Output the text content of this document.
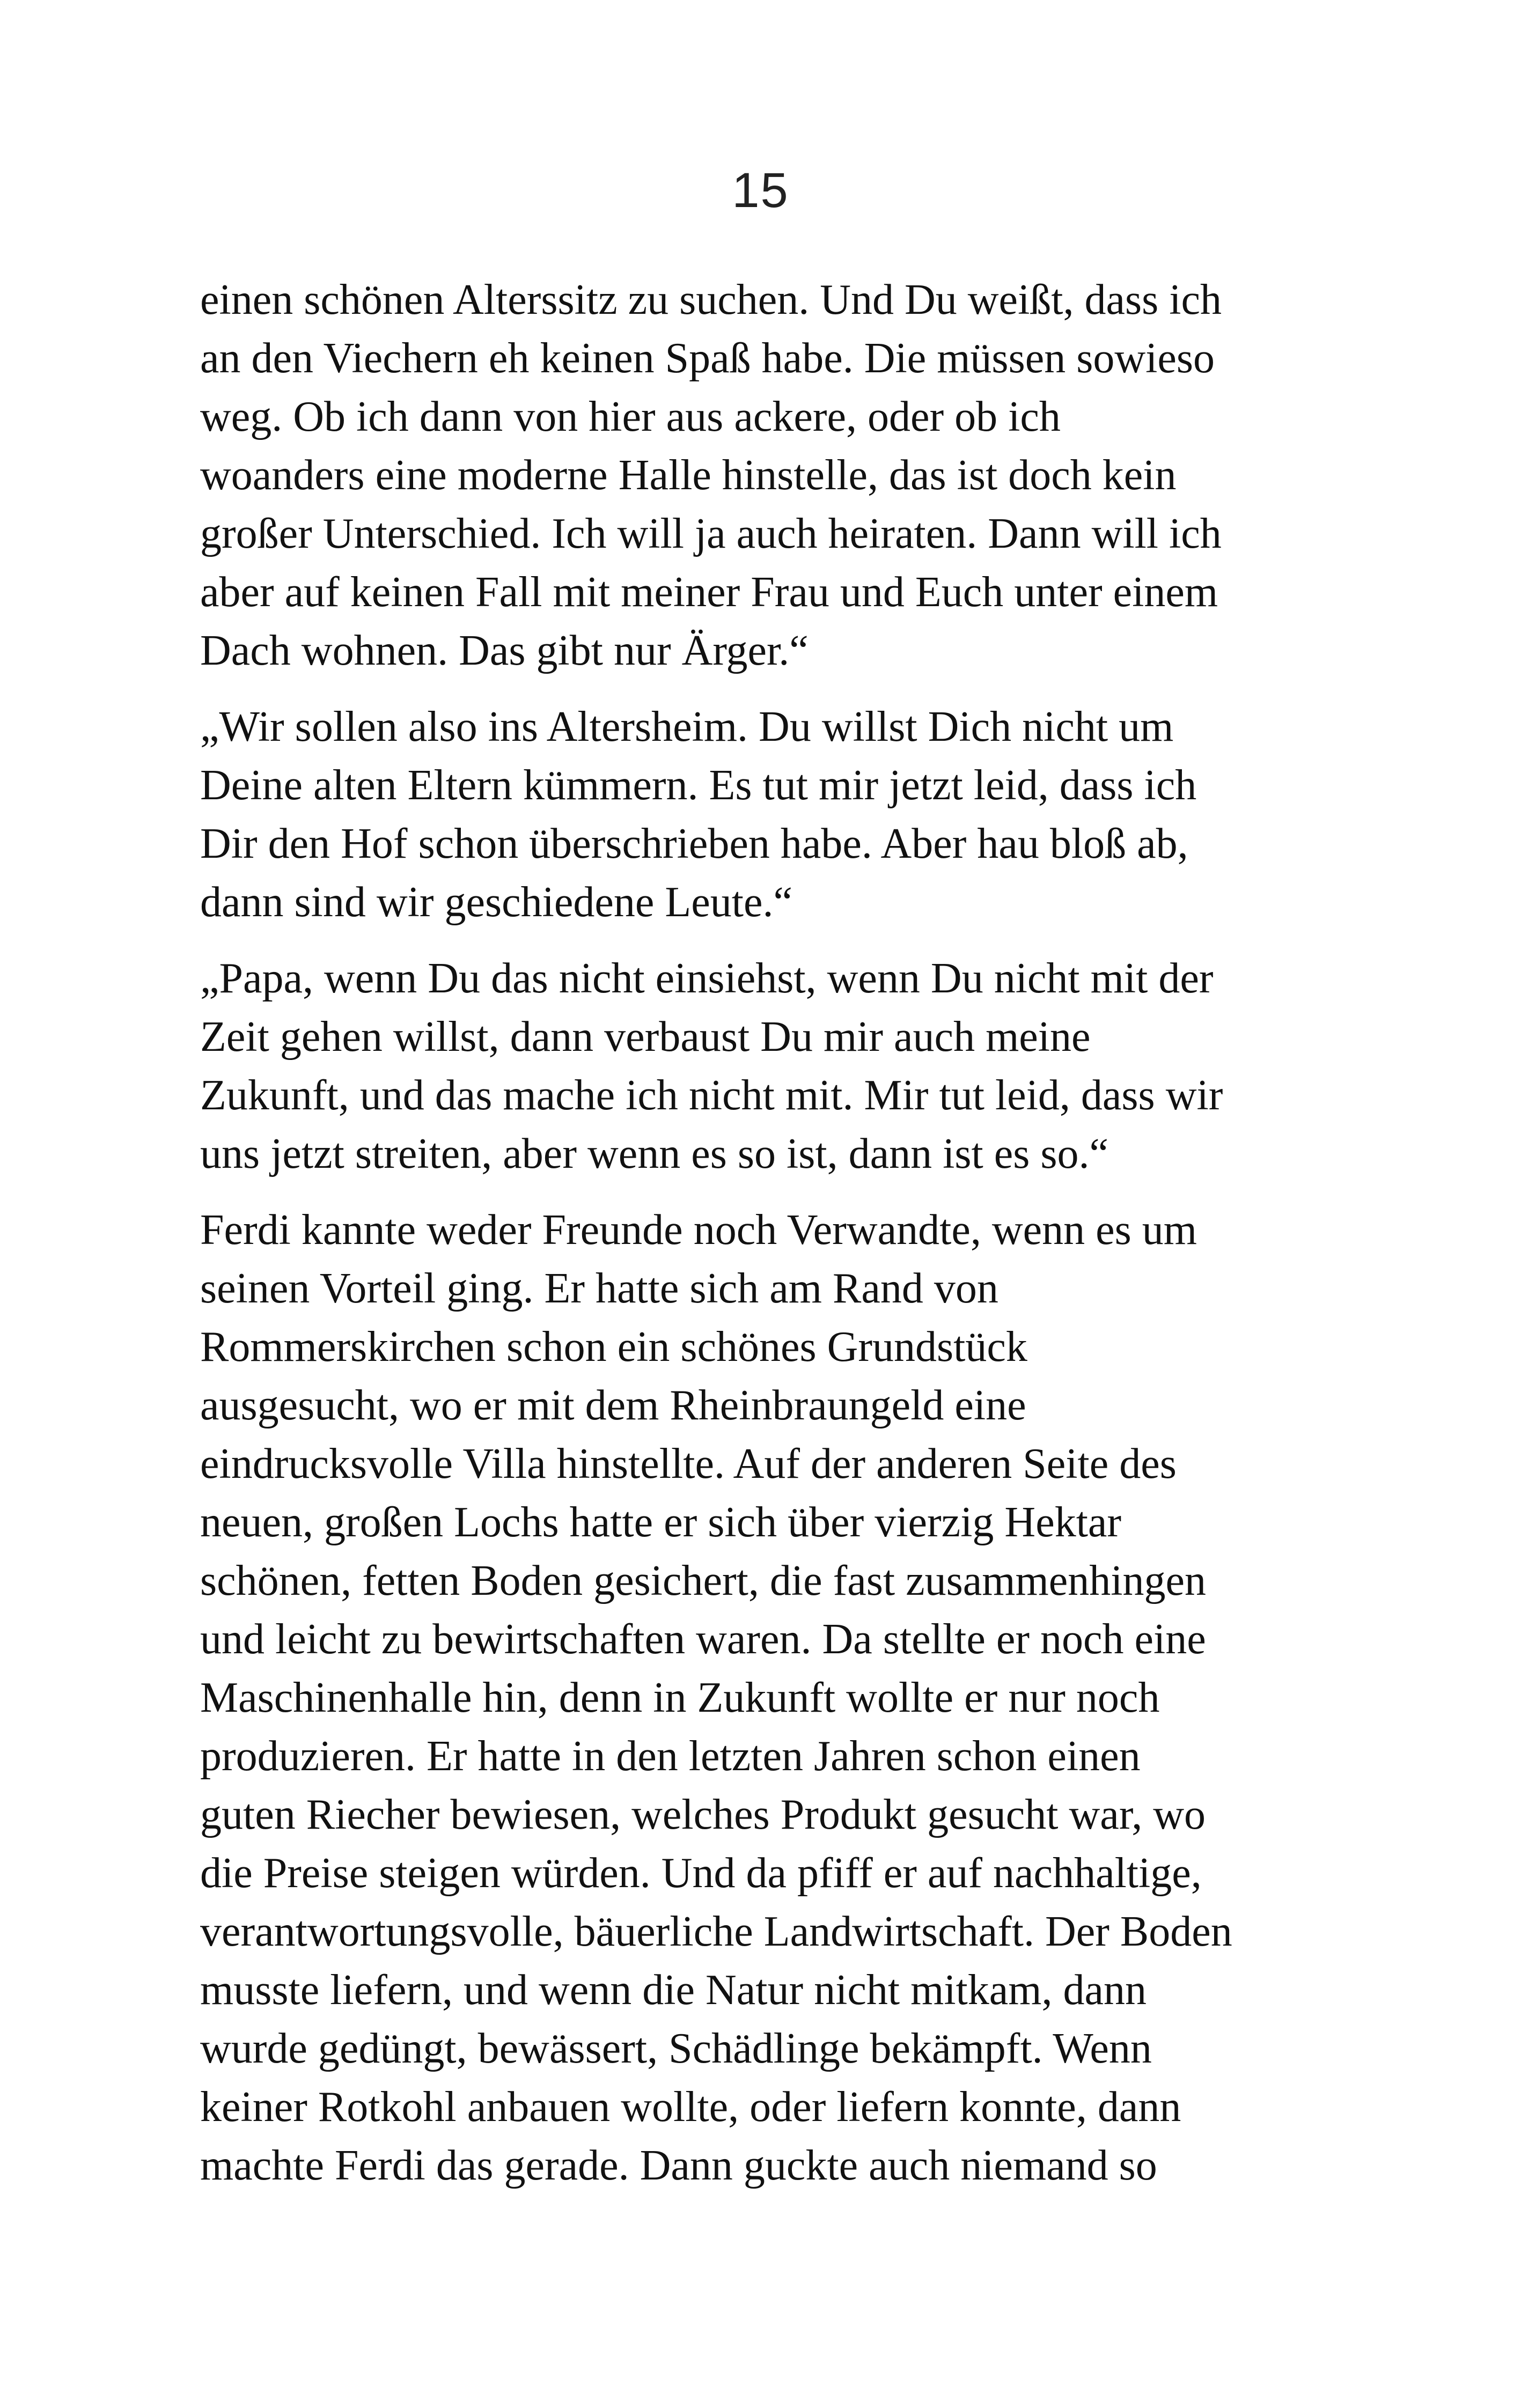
15
einen schönen Alterssitz zu suchen. Und Du weißt, dass ich
an den Viechern eh keinen Spaß habe. Die müssen sowieso
weg. Ob ich dann von hier aus ackere, oder ob ich
woanders eine moderne Halle hinstelle, das ist doch kein
großer Unterschied. Ich will ja auch heiraten. Dann will ich
aber auf keinen Fall mit meiner Frau und Euch unter einem
Dach wohnen. Das gibt nur Ärger.“
„Wir sollen also ins Altersheim. Du willst Dich nicht um
Deine alten Eltern kümmern. Es tut mir jetzt leid, dass ich
Dir den Hof schon überschrieben habe. Aber hau bloß ab,
dann sind wir geschiedene Leute.“
„Papa, wenn Du das nicht einsiehst, wenn Du nicht mit der
Zeit gehen willst, dann verbaust Du mir auch meine
Zukunft, und das mache ich nicht mit. Mir tut leid, dass wir
uns jetzt streiten, aber wenn es so ist, dann ist es so.“
Ferdi kannte weder Freunde noch Verwandte, wenn es um
seinen Vorteil ging. Er hatte sich am Rand von
Rommerskirchen schon ein schönes Grundstück
ausgesucht, wo er mit dem Rheinbraungeld eine
eindrucksvolle Villa hinstellte. Auf der anderen Seite des
neuen, großen Lochs hatte er sich über vierzig Hektar
schönen, fetten Boden gesichert, die fast zusammenhingen
und leicht zu bewirtschaften waren. Da stellte er noch eine
Maschinenhalle hin, denn in Zukunft wollte er nur noch
produzieren. Er hatte in den letzten Jahren schon einen
guten Riecher bewiesen, welches Produkt gesucht war, wo
die Preise steigen würden. Und da pfiff er auf nachhaltige,
verantwortungsvolle, bäuerliche Landwirtschaft. Der Boden
musste liefern, und wenn die Natur nicht mitkam, dann
wurde gedüngt, bewässert, Schädlinge bekämpft. Wenn
keiner Rotkohl anbauen wollte, oder liefern konnte, dann
machte Ferdi das gerade. Dann guckte auch niemand so
